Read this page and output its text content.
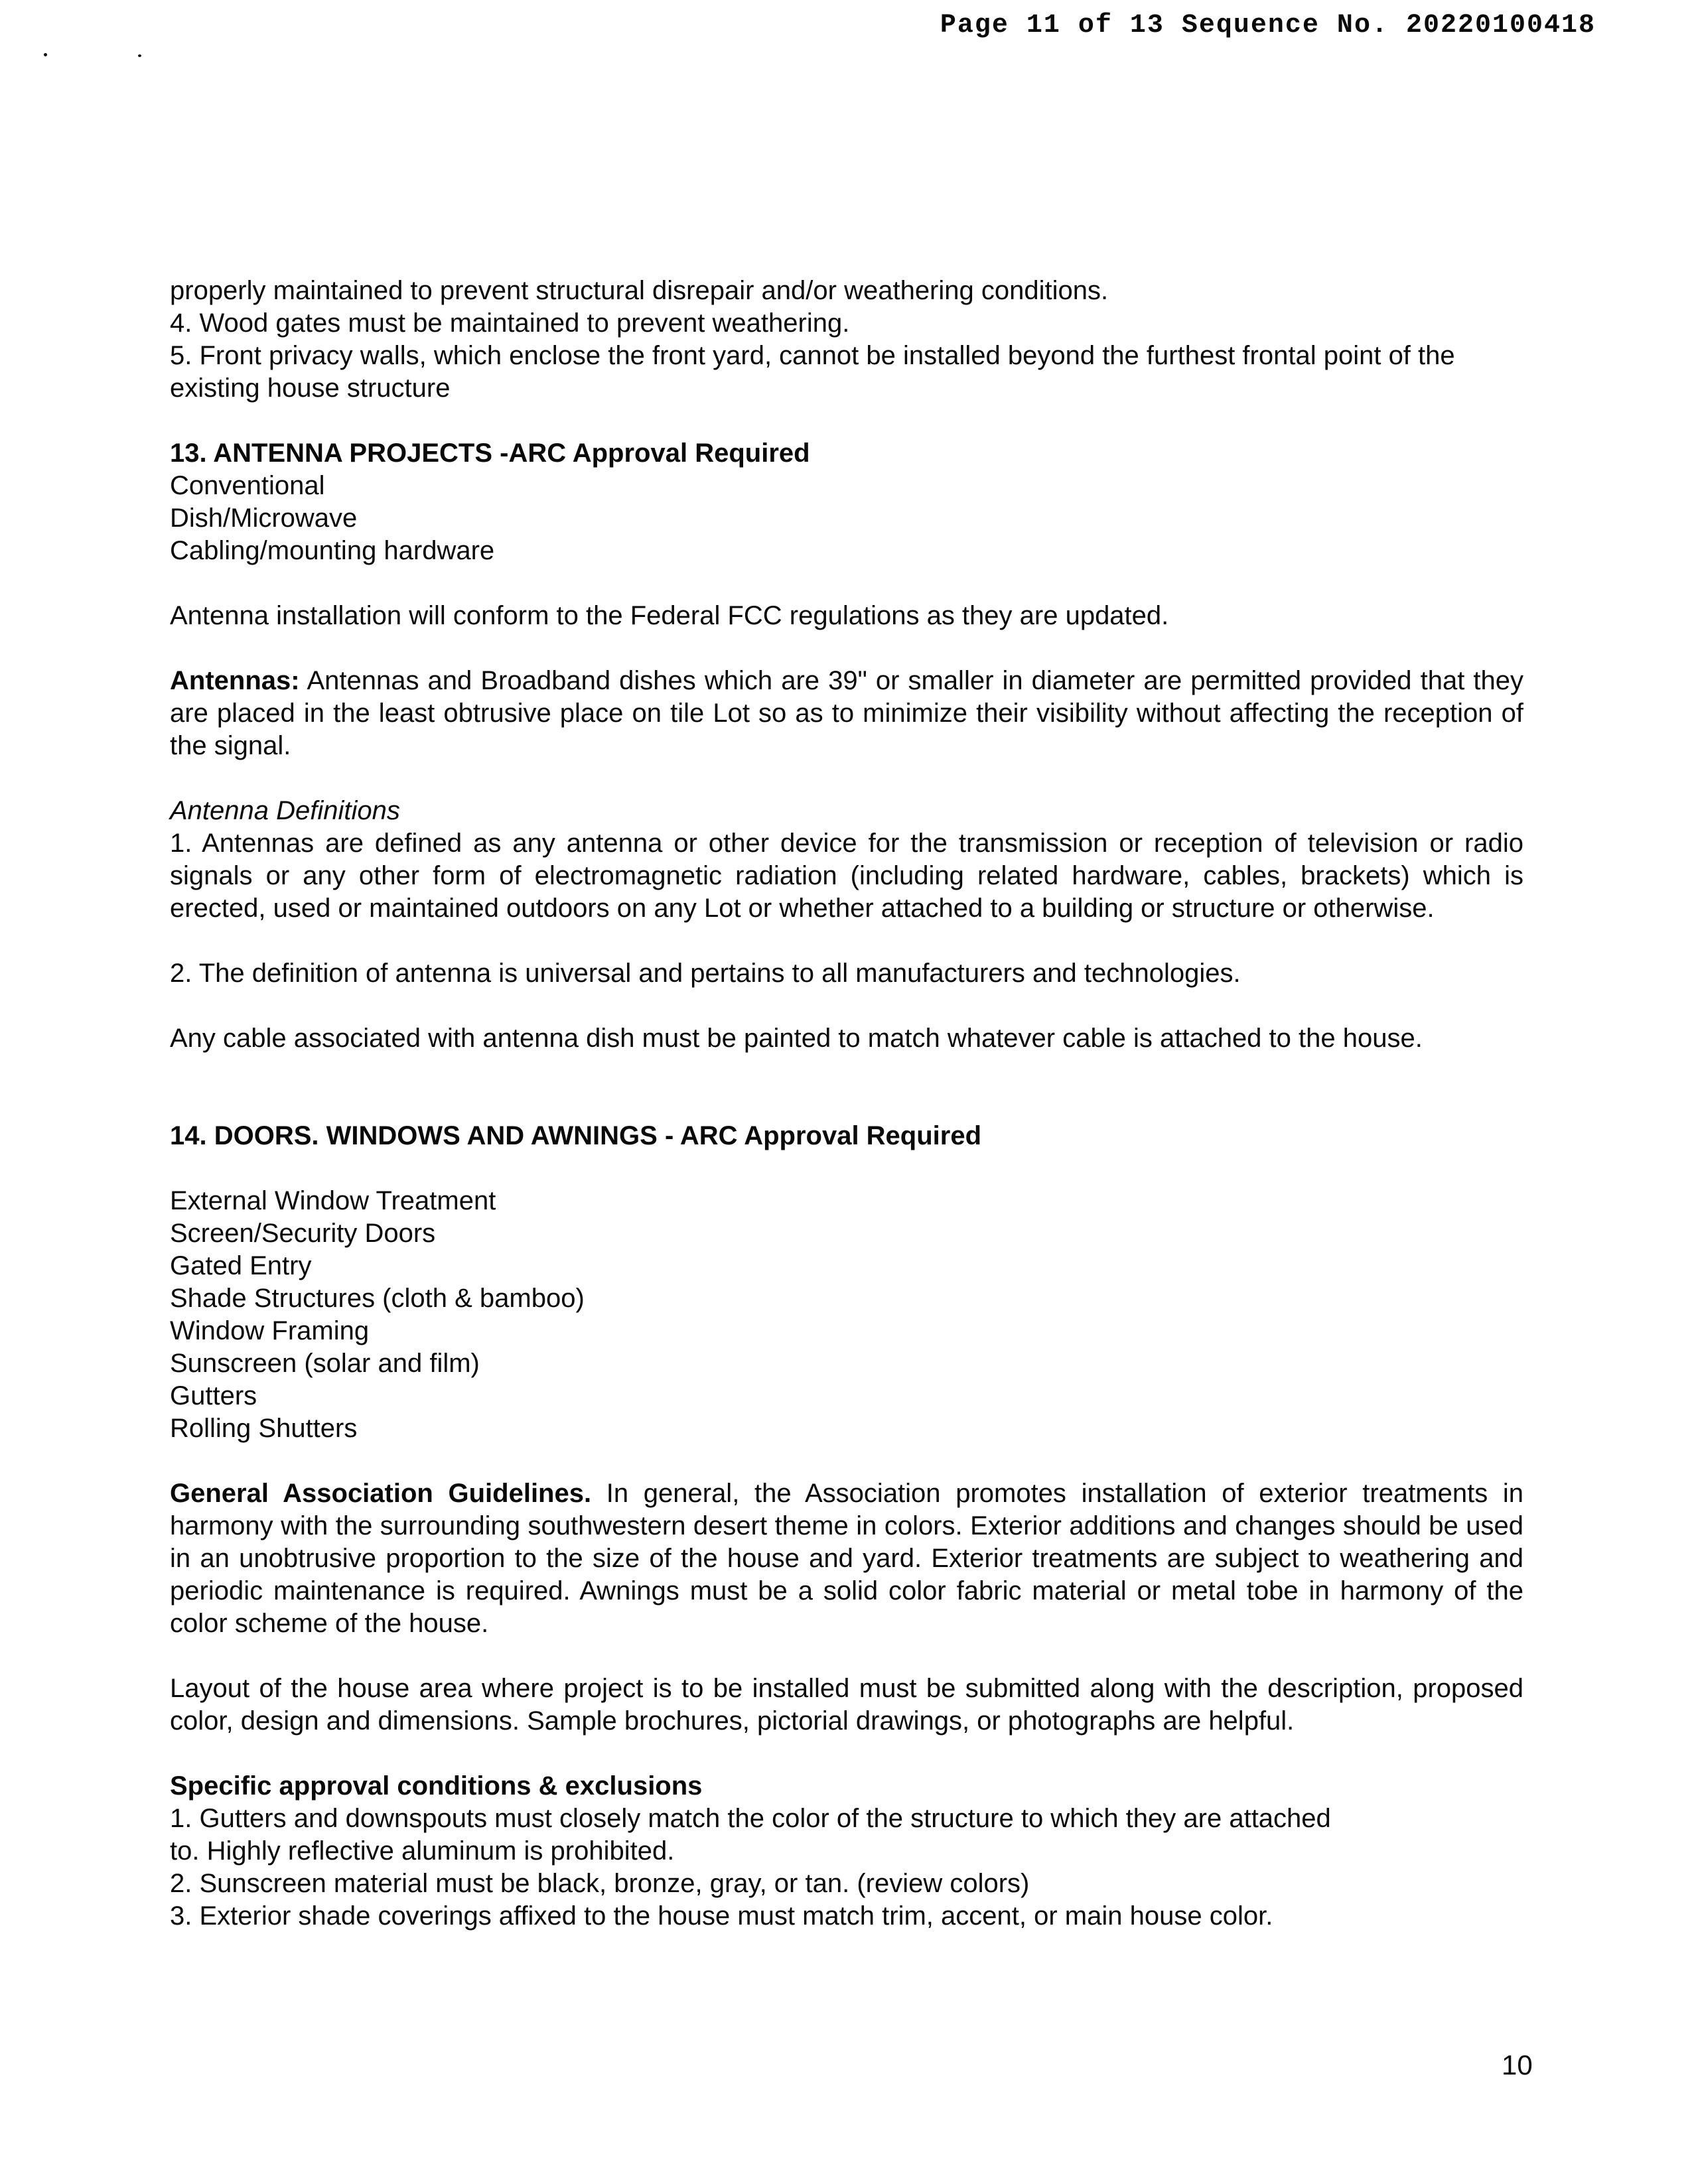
Page 11 of 13 Sequence No. 20220100418

properly maintained to prevent structural disrepair and/or weathering conditions.

4. Wood gates must be maintained to prevent weathering.

5. Front privacy walls, which enclose the front yard, cannot be installed beyond the furthest frontal point of the existing house structure

13. ANTENNA PROJECTS -ARC Approval Required

Conventional

Dish/Microwave

Cabling/mounting hardware

Antenna installation will conform to the Federal FCC regulations as they are updated.

Antennas: Antennas and Broadband dishes which are 39" or smaller in diameter are permitted provided that they are placed in the least obtrusive place on tile Lot so as to minimize their visibility without affecting the reception of the signal.

Antenna Definitions

1. Antennas are defined as any antenna or other device for the transmission or reception of television or radio signals or any other form of electromagnetic radiation (including related hardware, cables, brackets) which is erected, used or maintained outdoors on any Lot or whether attached to a building or structure or otherwise.

2. The definition of antenna is universal and pertains to all manufacturers and technologies.

Any cable associated with antenna dish must be painted to match whatever cable is attached to the house.

14. DOORS. WINDOWS AND AWNINGS - ARC Approval Required

External Window Treatment

Screen/Security Doors

Gated Entry

Shade Structures (cloth & bamboo)

Window Framing

Sunscreen (solar and film)

Gutters

Rolling Shutters

General Association Guidelines. In general, the Association promotes installation of exterior treatments in harmony with the surrounding southwestern desert theme in colors. Exterior additions and changes should be used in an unobtrusive proportion to the size of the house and yard. Exterior treatments are subject to weathering and periodic maintenance is required. Awnings must be a solid color fabric material or metal tobe in harmony of the color scheme of the house.

Layout of the house area where project is to be installed must be submitted along with the description, proposed color, design and dimensions. Sample brochures, pictorial drawings, or photographs are helpful.

Specific approval conditions & exclusions

1. Gutters and downspouts must closely match the color of the structure to which they are attached

to. Highly reflective aluminum is prohibited.

2. Sunscreen material must be black, bronze, gray, or tan. (review colors)

3. Exterior shade coverings affixed to the house must match trim, accent, or main house color.

10
